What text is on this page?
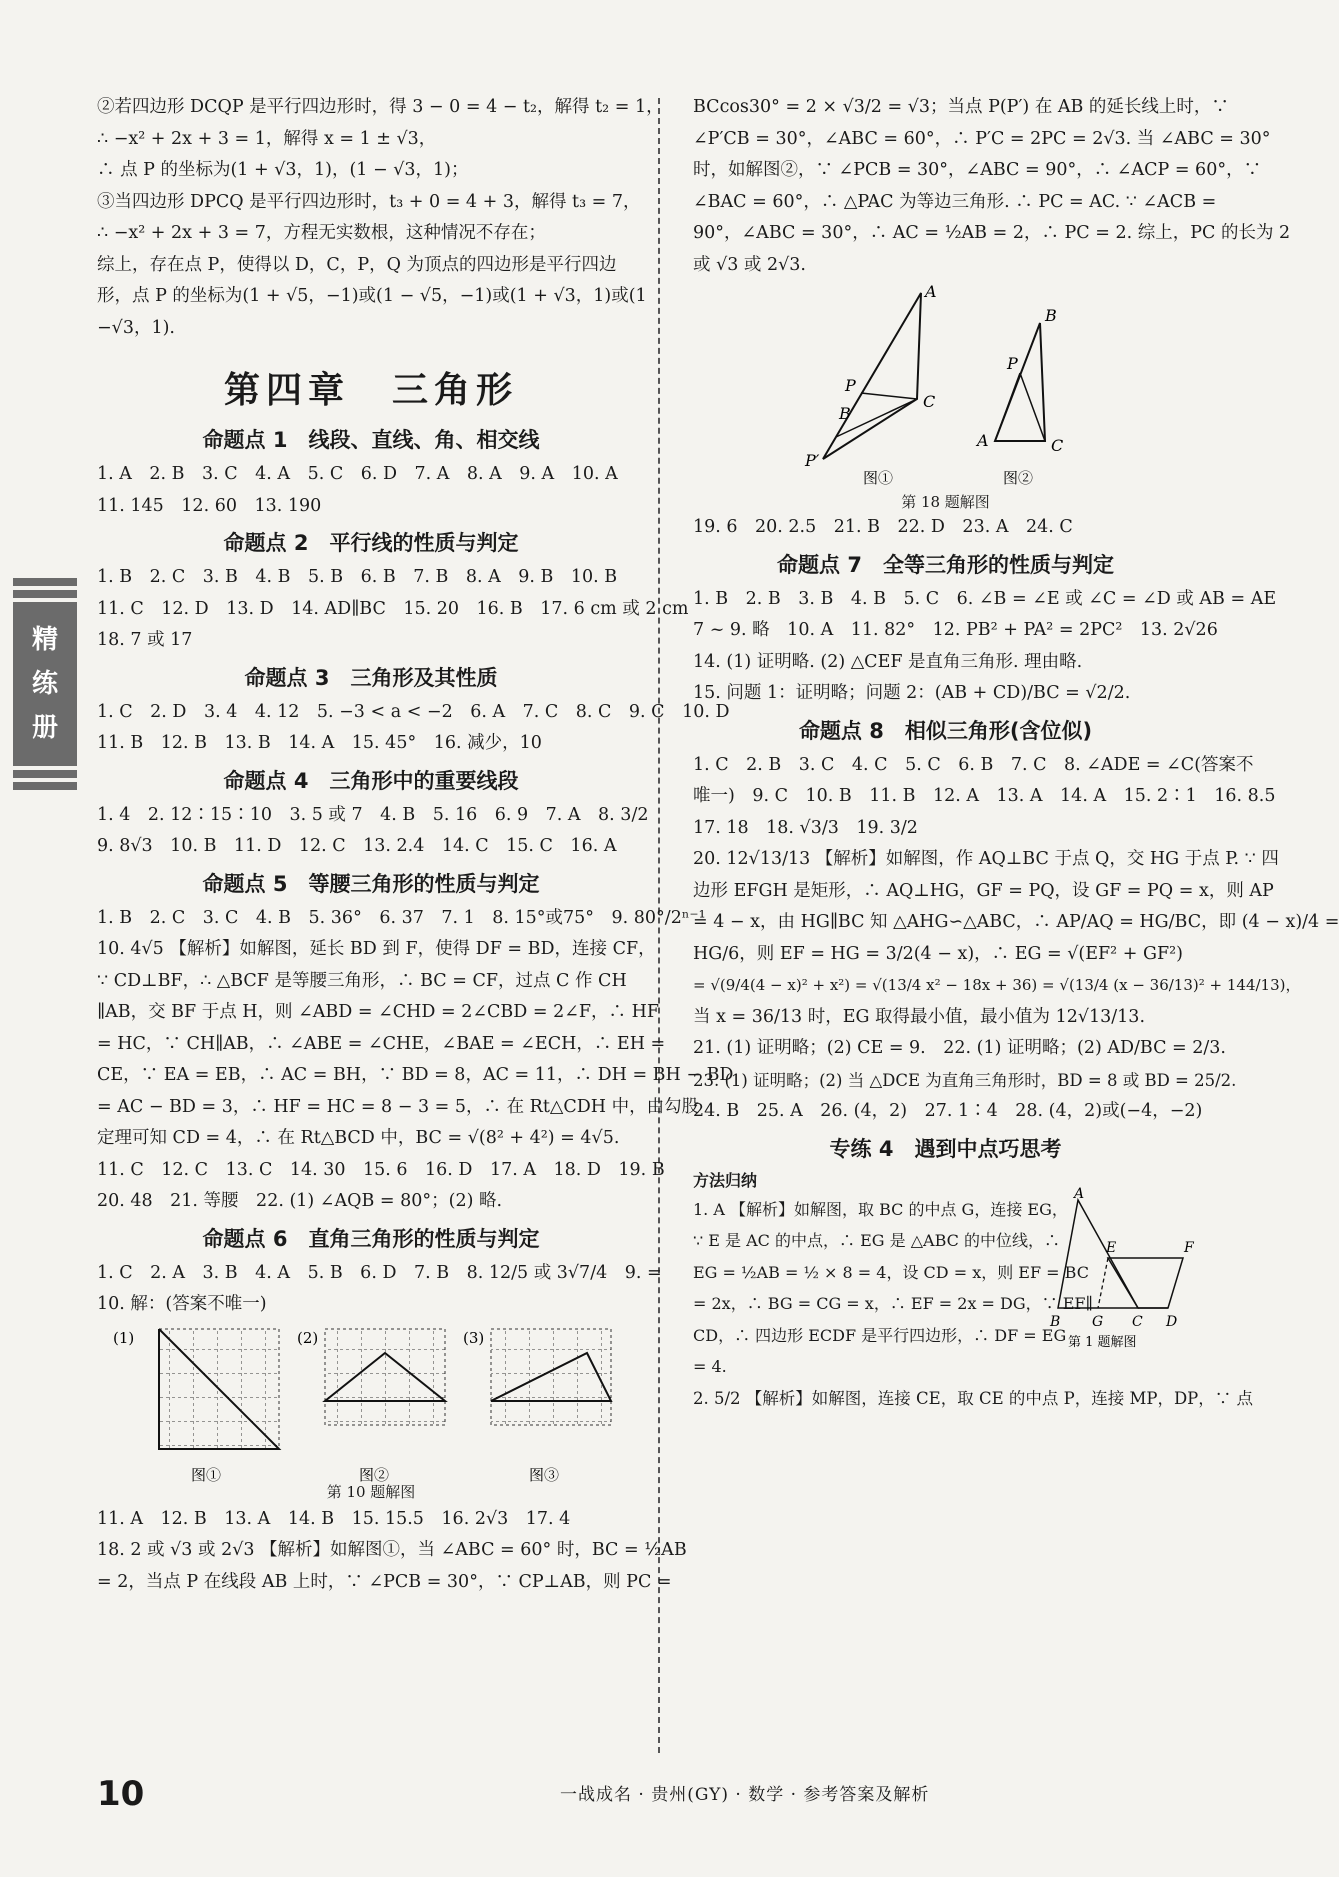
精练册
②若四边形 DCQP 是平行四边形时，得 3 − 0 = 4 − t₂，解得 t₂ = 1，
∴ −x² + 2x + 3 = 1，解得 x = 1 ± √3，
∴ 点 P 的坐标为(1 + √3，1)，(1 − √3，1)；
③当四边形 DPCQ 是平行四边形时，t₃ + 0 = 4 + 3，解得 t₃ = 7，
∴ −x² + 2x + 3 = 7，方程无实数根，这种情况不存在；
综上，存在点 P，使得以 D，C，P，Q 为顶点的四边形是平行四边
形，点 P 的坐标为(1 + √5，−1)或(1 − √5，−1)或(1 + √3，1)或(1
−√3，1).
第四章　三角形
命题点 1　线段、直线、角、相交线
1. A　2. B　3. C　4. A　5. C　6. D　7. A　8. A　9. A　10. A
11. 145　12. 60　13. 190
命题点 2　平行线的性质与判定
1. B　2. C　3. B　4. B　5. B　6. B　7. B　8. A　9. B　10. B
11. C　12. D　13. D　14. AD∥BC　15. 20　16. B　17. 6 cm 或 2 cm
18. 7 或 17
命题点 3　三角形及其性质
1. C　2. D　3. 4　4. 12　5. −3 < a < −2　6. A　7. C　8. C　9. C　10. D
11. B　12. B　13. B　14. A　15. 45°　16. 减少，10
命题点 4　三角形中的重要线段
1. 4　2. 12∶15∶10　3. 5 或 7　4. B　5. 16　6. 9　7. A　8. 3/2
9. 8√3　10. B　11. D　12. C　13. 2.4　14. C　15. C　16. A
命题点 5　等腰三角形的性质与判定
1. B　2. C　3. C　4. B　5. 36°　6. 37　7. 1　8. 15°或75°　9. 80°/2ⁿ⁻¹
10. 4√5 【解析】如解图，延长 BD 到 F，使得 DF = BD，连接 CF，
∵ CD⊥BF，∴ △BCF 是等腰三角形，∴ BC = CF，过点 C 作 CH
∥AB，交 BF 于点 H，则 ∠ABD = ∠CHD = 2∠CBD = 2∠F，∴ HF
= HC，∵ CH∥AB，∴ ∠ABE = ∠CHE，∠BAE = ∠ECH，∴ EH =
CE，∵ EA = EB，∴ AC = BH，∵ BD = 8，AC = 11，∴ DH = BH − BD
= AC − BD = 3，∴ HF = HC = 8 − 3 = 5，∴ 在 Rt△CDH 中，由勾股
定理可知 CD = 4，∴ 在 Rt△BCD 中，BC = √(8² + 4²) = 4√5.
11. C　12. C　13. C　14. 30　15. 6　16. D　17. A　18. D　19. B
20. 48　21. 等腰　22. (1) ∠AQB = 80°；(2) 略.
命题点 6　直角三角形的性质与判定
1. C　2. A　3. B　4. A　5. B　6. D　7. B　8. 12/5 或 3√7/4　9. =
10. 解：(答案不唯一)
(1)
图①
(2)
图②
(3)
图③
第 10 题解图
11. A　12. B　13. A　14. B　15. 15.5　16. 2√3　17. 4
18. 2 或 √3 或 2√3 【解析】如解图①，当 ∠ABC = 60° 时，BC = ½AB
= 2，当点 P 在线段 AB 上时，∵ ∠PCB = 30°，∵ CP⊥AB，则 PC =
BCcos30° = 2 × √3/2 = √3；当点 P(P′) 在 AB 的延长线上时，∵
∠P′CB = 30°，∠ABC = 60°，∴ P′C = 2PC = 2√3. 当 ∠ABC = 30°
时，如解图②，∵ ∠PCB = 30°，∠ABC = 90°，∴ ∠ACP = 60°，∵
∠BAC = 60°，∴ △PAC 为等边三角形. ∴ PC = AC. ∵ ∠ACB =
90°，∠ABC = 30°，∴ AC = ½AB = 2，∴ PC = 2. 综上，PC 的长为 2
或 √3 或 2√3.
A
P
B
C
P′
图①
B
P
A	C
图②
第 18 题解图
19. 6　20. 2.5　21. B　22. D　23. A　24. C
命题点 7　全等三角形的性质与判定
1. B　2. B　3. B　4. B　5. C　6. ∠B = ∠E 或 ∠C = ∠D 或 AB = AE
7 ~ 9. 略　10. A　11. 82°　12. PB² + PA² = 2PC²　13. 2√26
14. (1) 证明略. (2) △CEF 是直角三角形. 理由略.
15. 问题 1：证明略；问题 2：(AB + CD)/BC = √2/2.
命题点 8　相似三角形(含位似)
1. C　2. B　3. C　4. C　5. C　6. B　7. C　8. ∠ADE = ∠C(答案不
唯一)　9. C　10. B　11. B　12. A　13. A　14. A　15. 2∶1　16. 8.5
17. 18　18. √3/3　19. 3/2
20. 12√13/13 【解析】如解图，作 AQ⊥BC 于点 Q，交 HG 于点 P. ∵ 四
边形 EFGH 是矩形，∴ AQ⊥HG，GF = PQ，设 GF = PQ = x，则 AP
= 4 − x，由 HG∥BC 知 △AHG∽△ABC，∴ AP/AQ = HG/BC，即 (4 − x)/4 =
HG/6，则 EF = HG = 3/2(4 − x)，∴ EG = √(EF² + GF²)
= √(9/4(4 − x)² + x²) = √(13/4 x² − 18x + 36) = √(13/4 (x − 36/13)² + 144/13)，
当 x = 36/13 时，EG 取得最小值，最小值为 12√13/13.
21. (1) 证明略；(2) CE = 9.　22. (1) 证明略；(2) AD/BC = 2/3.
23. (1) 证明略；(2) 当 △DCE 为直角三角形时，BD = 8 或 BD = 25/2.
24. B　25. A　26. (4，2)　27. 1∶4　28. (4，2)或(−4，−2)
专练 4　遇到中点巧思考
方法归纳
1. A 【解析】如解图，取 BC 的中点 G，连接 EG，
∵ E 是 AC 的中点，∴ EG 是 △ABC 的中位线，∴
EG = ½AB = ½ × 8 = 4，设 CD = x，则 EF = BC
= 2x，∴ BG = CG = x，∴ EF = 2x = DG，∵ EF∥
CD，∴ 四边形 ECDF 是平行四边形，∴ DF = EG
= 4.
A
E	F
B G C D
第 1 题解图
2. 5/2 【解析】如解图，连接 CE，取 CE 的中点 P，连接 MP，DP，∵ 点
10	一战成名 · 贵州(GY) · 数学 · 参考答案及解析
